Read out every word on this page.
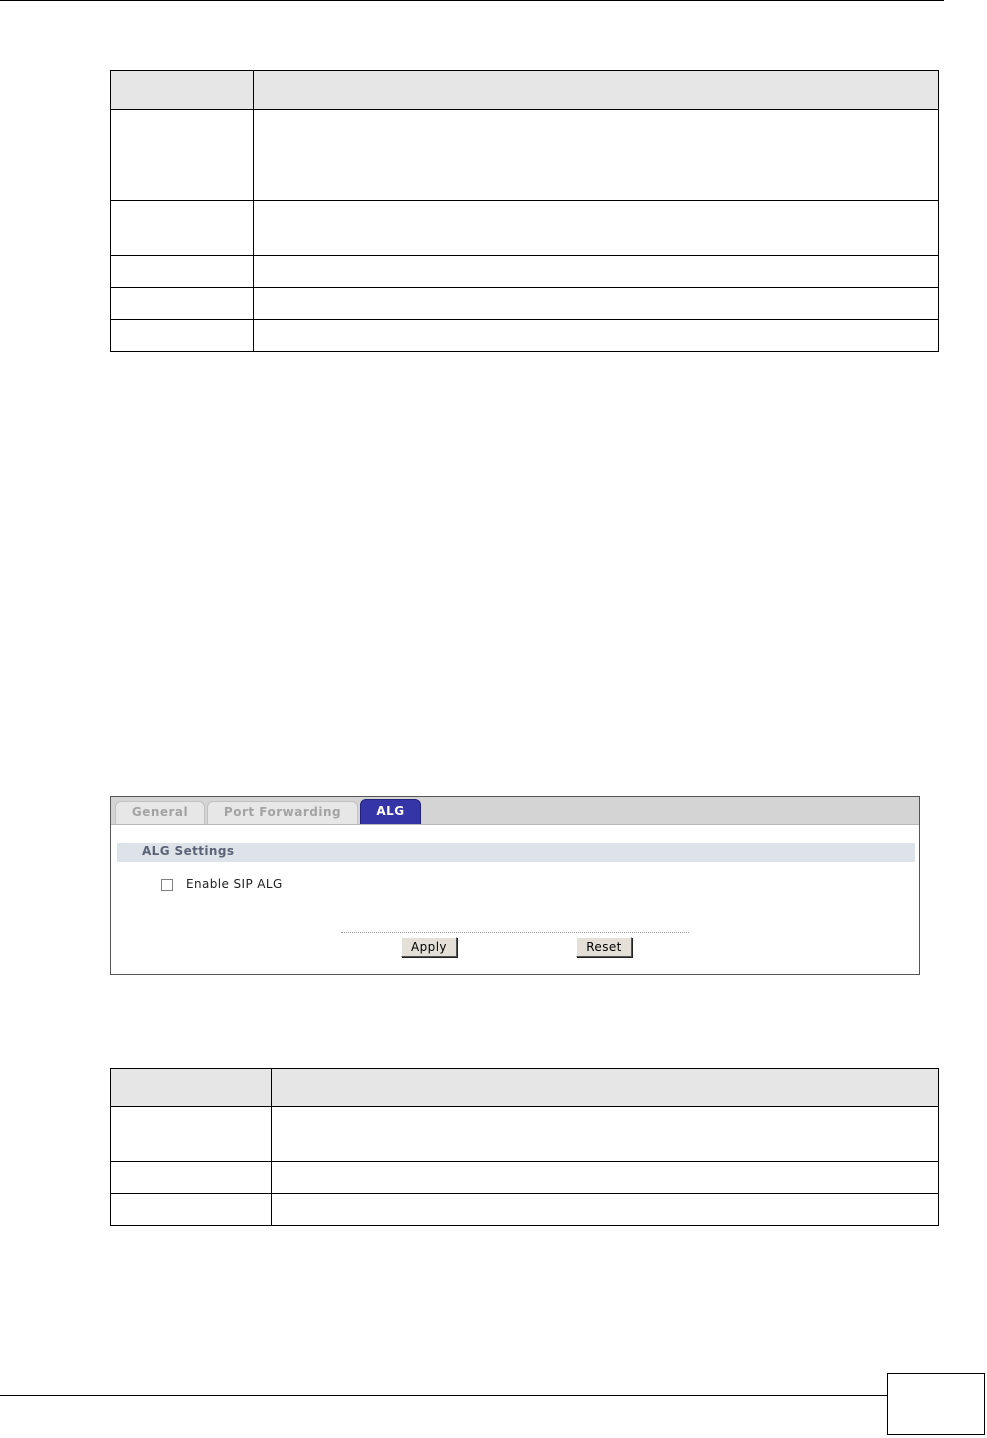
General	Port Forwarding	ALG
ALG Settings
Enable SIP ALG
Apply	Reset
